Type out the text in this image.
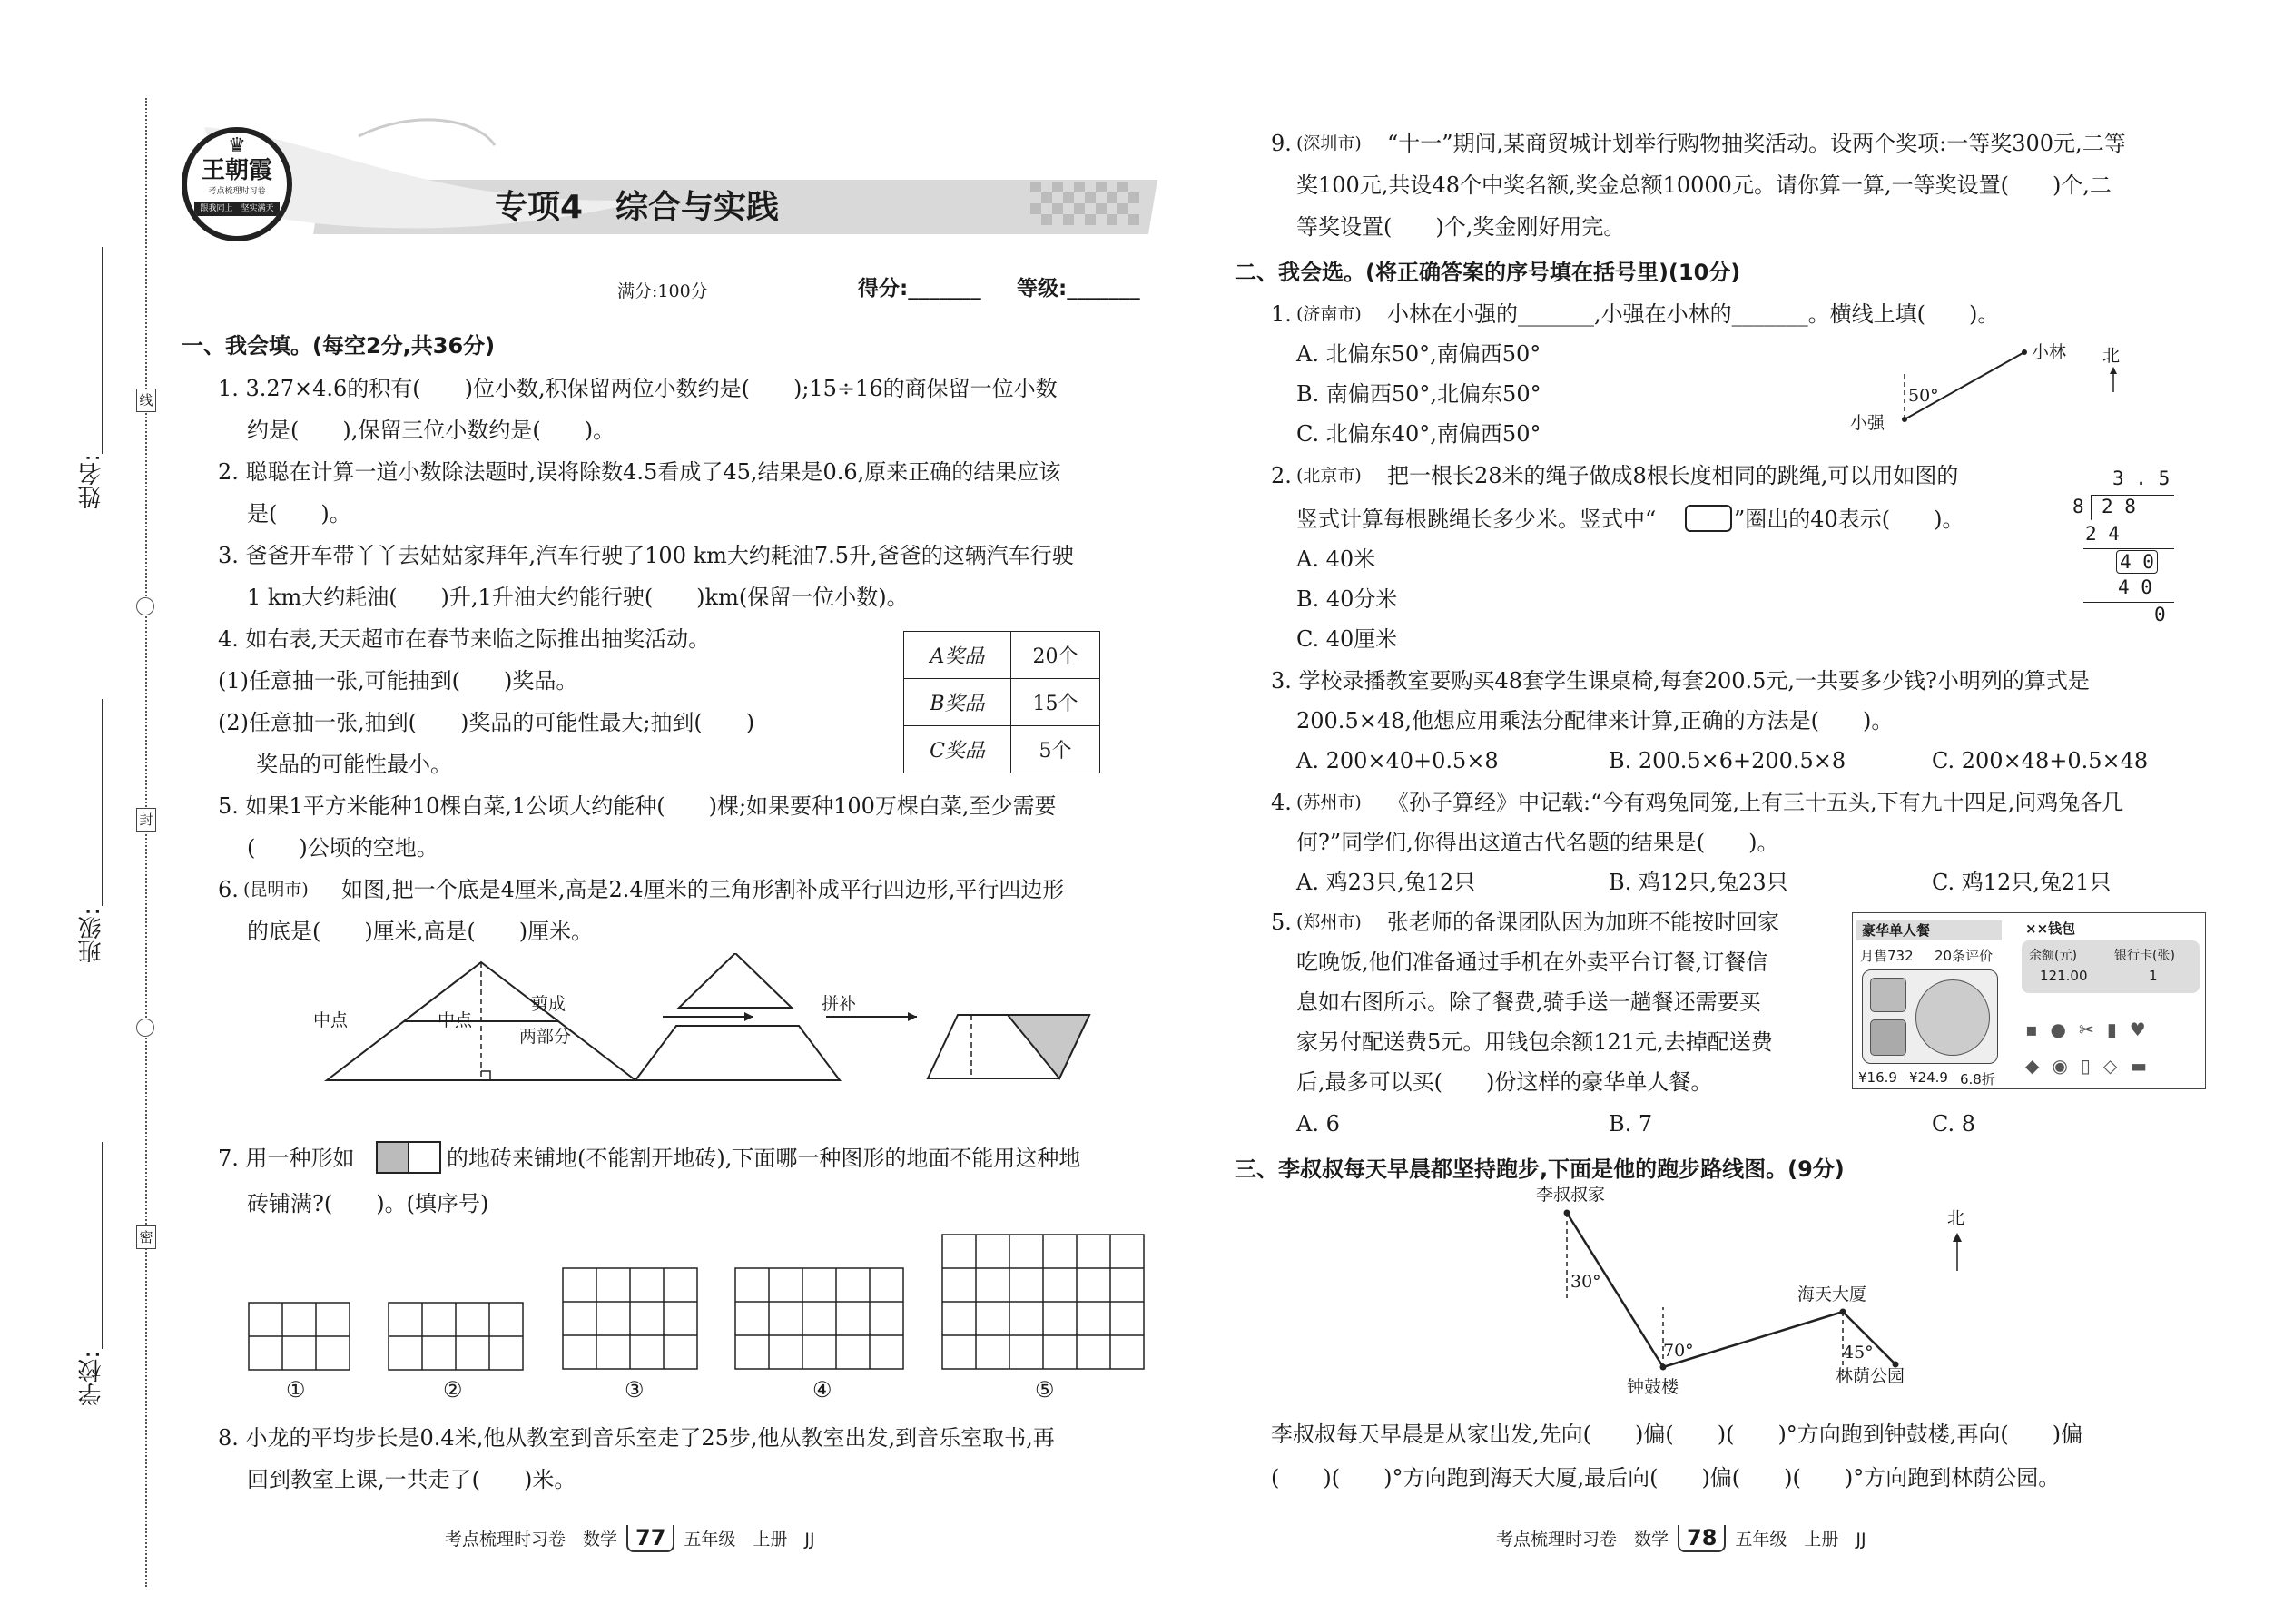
线
封
密
姓名:
班级:
学校:
♛
王朝霞
考点梳理时习卷
跟我同上　坚实满天	专项4　综合与实践
满分:100分	得分:_______ 等级:_______
一、我会填。(每空2分,共36分)
1. 3.27×4.6的积有(　　)位小数,积保留两位小数约是(　　);15÷16的商保留一位小数
约是(　　),保留三位小数约是(　　)。
2. 聪聪在计算一道小数除法题时,误将除数4.5看成了45,结果是0.6,原来正确的结果应该
是(　　)。
3. 爸爸开车带丫丫去姑姑家拜年,汽车行驶了100 km大约耗油7.5升,爸爸的这辆汽车行驶
1 km大约耗油(　　)升,1升油大约能行驶(　　)km(保留一位小数)。
4. 如右表,天天超市在春节来临之际推出抽奖活动。
(1)任意抽一张,可能抽到(　　)奖品。
(2)任意抽一张,抽到(　　)奖品的可能性最大;抽到(　　)
奖品的可能性最小。
A奖品	20个
B奖品	15个
C奖品	5个
5. 如果1平方米能种10棵白菜,1公顷大约能种(　　)棵;如果要种100万棵白菜,至少需要
(　　)公顷的空地。
6. (昆明市) 如图,把一个底是4厘米,高是2.4厘米的三角形割补成平行四边形,平行四边形
的底是(　　)厘米,高是(　　)厘米。
中点	中点
剪成
两部分
拼补
7. 用一种形如	的地砖来铺地(不能割开地砖),下面哪一种图形的地面不能用这种地
砖铺满?(　　)。(填序号)
①	②	③	④	⑤
8. 小龙的平均步长是0.4米,他从教室到音乐室走了25步,他从教室出发,到音乐室取书,再
回到教室上课,一共走了(　　)米。
9. (深圳市) “十一”期间,某商贸城计划举行购物抽奖活动。设两个奖项:一等奖300元,二等
奖100元,共设48个中奖名额,奖金总额10000元。请你算一算,一等奖设置(　　)个,二
等奖设置(　　)个,奖金刚好用完。
二、我会选。(将正确答案的序号填在括号里)(10分)
1. (济南市) 小林在小强的_______,小强在小林的_______。横线上填(　　)。
A. 北偏东50°,南偏西50°
B. 南偏西50°,北偏东50°
C. 北偏东40°,南偏西50°
小林
小强
50°
北
2. (北京市) 把一根长28米的绳子做成8根长度相同的跳绳,可以用如图的
竖式计算每根跳绳长多少米。竖式中“	”圈出的40表示(　　)。
A. 40米
B. 40分米
C. 40厘米
3 . 5
8 2 8
2 4
4 0
4 0
0
3. 学校录播教室要购买48套学生课桌椅,每套200.5元,一共要多少钱?小明列的算式是
200.5×48,他想应用乘法分配律来计算,正确的方法是(　　)。
A. 200×40+0.5×8	B. 200.5×6+200.5×8	C. 200×48+0.5×48
4. (苏州市) 《孙子算经》中记载:“今有鸡兔同笼,上有三十五头,下有九十四足,问鸡兔各几
何?”同学们,你得出这道古代名题的结果是(　　)。
A. 鸡23只,兔12只	B. 鸡12只,兔23只	C. 鸡12只,兔21只
5. (郑州市) 张老师的备课团队因为加班不能按时回家
吃晚饭,他们准备通过手机在外卖平台订餐,订餐信
息如右图所示。除了餐费,骑手送一趟餐还需要买
家另付配送费5元。用钱包余额121元,去掉配送费
后,最多可以买(　　)份这样的豪华单人餐。
A. 6	B. 7	C. 8
豪华单人餐
月售732 20条评价
¥16.9 ¥24.9 6.8折
××钱包
余额(元)	银行卡(张)
121.00	1
▪●✂▮♥
◆◉▯◇▬
三、李叔叔每天早晨都坚持跑步,下面是他的跑步路线图。(9分)
李叔叔家
钟鼓楼
海天大厦
林荫公园
北
30°
70°	45°
李叔叔每天早晨是从家出发,先向(　　)偏(　　)(　　)°方向跑到钟鼓楼,再向(　　)偏
(　　)(　　)°方向跑到海天大厦,最后向(　　)偏(　　)(　　)°方向跑到林荫公园。
考点梳理时习卷　数学 77 五年级　上册　JJ	考点梳理时习卷　数学 78 五年级　上册　JJ
